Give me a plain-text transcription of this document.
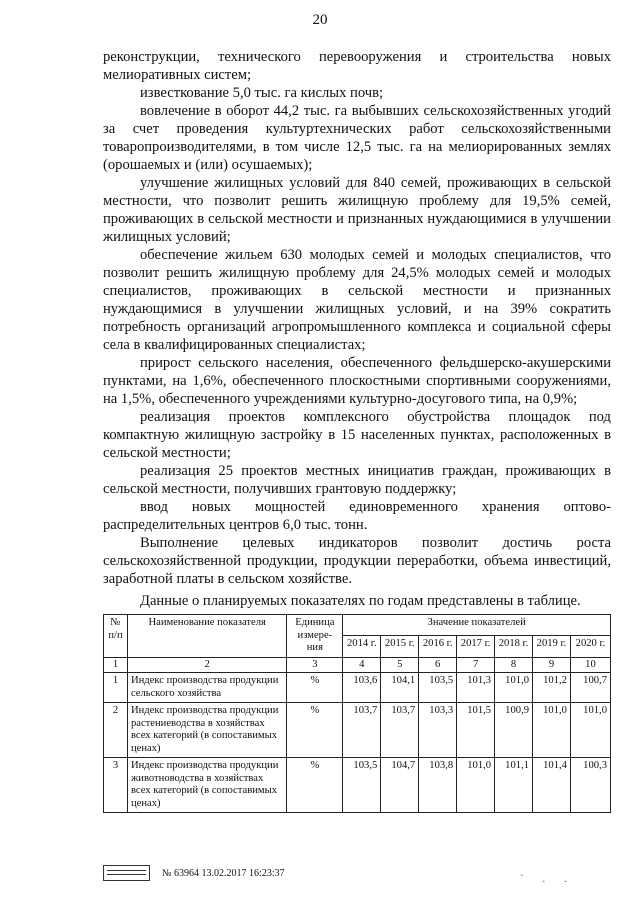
20

реконструкции, технического перевооружения и строительства новых мелиоративных систем;

известкование 5,0 тыс. га кислых почв;

вовлечение в оборот 44,2 тыс. га выбывших сельскохозяйственных угодий за счет проведения культуртехнических работ сельскохозяйственными товаропроизводителями, в том числе 12,5 тыс. га на мелиорированных землях (орошаемых и (или) осушаемых);

улучшение жилищных условий для 840 семей, проживающих в сельской местности, что позволит решить жилищную проблему для 19,5% семей, проживающих в сельской местности и признанных нуждающимися в улучшении жилищных условий;

обеспечение жильем 630 молодых семей и молодых специалистов, что позволит решить жилищную проблему для 24,5% молодых семей и молодых специалистов, проживающих в сельской местности и признанных нуждающимися в улучшении жилищных условий, и на 39% сократить потребность организаций агропромышленного комплекса и социальной сферы села в квалифицированных специалистах;

прирост сельского населения, обеспеченного фельдшерско-акушерскими пунктами, на 1,6%, обеспеченного плоскостными спортивными сооружениями, на 1,5%, обеспеченного учреждениями культурно-досугового типа, на 0,9%;

реализация проектов комплексного обустройства площадок под компактную жилищную застройку в 15 населенных пунктах, расположенных в сельской местности;

реализация 25 проектов местных инициатив граждан, проживающих в сельской местности, получивших грантовую поддержку;

ввод новых мощностей единовременного хранения оптово-распределительных центров 6,0 тыс. тонн.

Выполнение целевых индикаторов позволит достичь роста сельскохозяйственной продукции, продукции переработки, объема инвестиций, заработной платы в сельском хозяйстве.

Данные о планируемых показателях по годам представлены в таблице.
№ п/п	Наименование показателя	Единица измере-ния	Значение показателей						
			2014 г.	2015 г.	2016 г.	2017 г.	2018 г.	2019 г.	2020 г.
1	2	3	4	5	6	7	8	9	10
1	Индекс производства продукции сельского хозяйства	%	103,6	104,1	103,5	101,3	101,0	101,2	100,7
2	Индекс производства продукции растениеводства в хозяйствах всех категорий (в сопоставимых ценах)	%	103,7	103,7	103,3	101,5	100,9	101,0	101,0
3	Индекс производства продукции животноводства в хозяйствах всех категорий (в сопоставимых ценах)	%	103,5	104,7	103,8	101,0	101,1	101,4	100,3
№ 63964 13.02.2017 16:23:37	` . .
